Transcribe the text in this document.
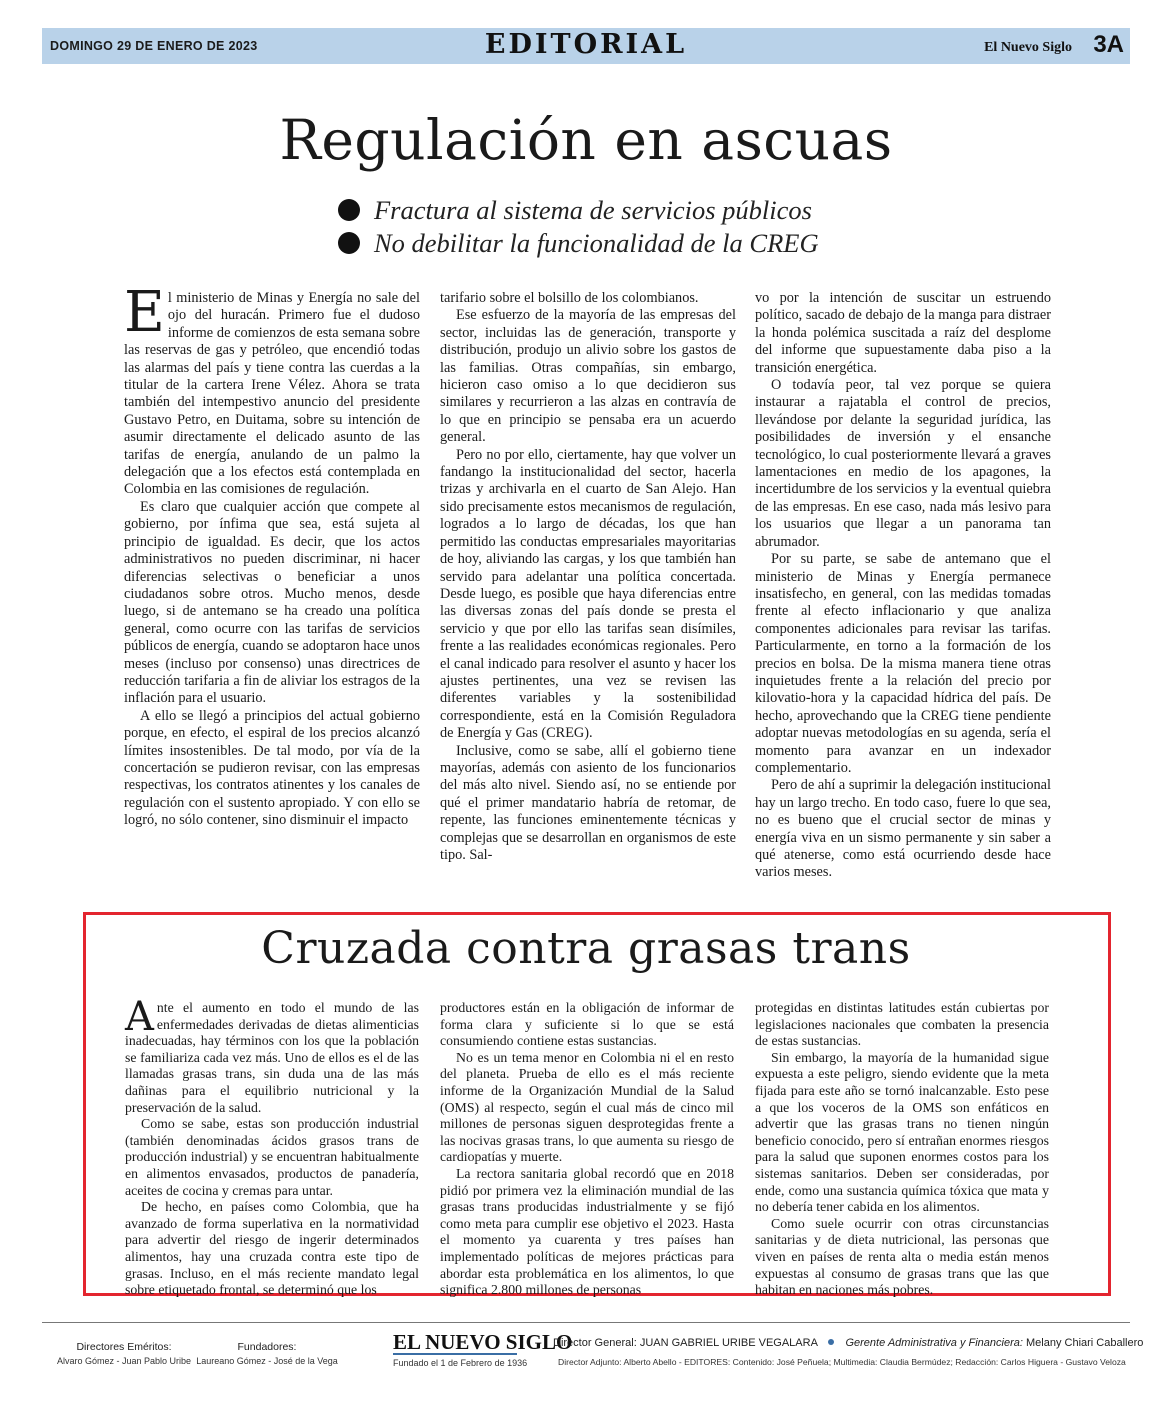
DOMINGO 29 DE ENERO DE 2023	EDITORIAL	El Nuevo Siglo 3A
Regulación en ascuas
Fractura al sistema de servicios públicos
No debilitar la funcionalidad de la CREG

El ministerio de Minas y Energía no sale del ojo del huracán. Primero fue el dudoso informe de comienzos de esta semana sobre las reservas de gas y petróleo, que encendió todas las alarmas del país y tiene contra las cuerdas a la titular de la cartera Irene Vélez. Ahora se trata también del intempestivo anuncio del presidente Gustavo Petro, en Duitama, sobre su intención de asumir directamente el delicado asunto de las tarifas de energía, anulando de un palmo la delegación que a los efectos está contemplada en Colombia en las comisiones de regulación.

Es claro que cualquier acción que compete al gobierno, por ínfima que sea, está sujeta al principio de igualdad. Es decir, que los actos administrativos no pueden discriminar, ni hacer diferencias selectivas o beneficiar a unos ciudadanos sobre otros. Mucho menos, desde luego, si de antemano se ha creado una política general, como ocurre con las tarifas de servicios públicos de energía, cuando se adoptaron hace unos meses (incluso por consenso) unas directrices de reducción tarifaria a fin de aliviar los estragos de la inflación para el usuario.

A ello se llegó a principios del actual gobierno porque, en efecto, el espiral de los precios alcanzó límites insostenibles. De tal modo, por vía de la concertación se pudieron revisar, con las empresas respectivas, los contratos atinentes y los canales de regulación con el sustento apropiado. Y con ello se logró, no sólo contener, sino disminuir el impacto

tarifario sobre el bolsillo de los colombianos.

Ese esfuerzo de la mayoría de las empresas del sector, incluidas las de generación, transporte y distribución, produjo un alivio sobre los gastos de las familias. Otras compañías, sin embargo, hicieron caso omiso a lo que decidieron sus similares y recurrieron a las alzas en contravía de lo que en principio se pensaba era un acuerdo general.

Pero no por ello, ciertamente, hay que volver un fandango la institucionalidad del sector, hacerla trizas y archivarla en el cuarto de San Alejo. Han sido precisamente estos mecanismos de regulación, logrados a lo largo de décadas, los que han permitido las conductas empresariales mayoritarias de hoy, aliviando las cargas, y los que también han servido para adelantar una política concertada. Desde luego, es posible que haya diferencias entre las diversas zonas del país donde se presta el servicio y que por ello las tarifas sean disímiles, frente a las realidades económicas regionales. Pero el canal indicado para resolver el asunto y hacer los ajustes pertinentes, una vez se revisen las diferentes variables y la sostenibilidad correspondiente, está en la Comisión Reguladora de Energía y Gas (CREG).

Inclusive, como se sabe, allí el gobierno tiene mayorías, además con asiento de los funcionarios del más alto nivel. Siendo así, no se entiende por qué el primer mandatario habría de retomar, de repente, las funciones eminentemente técnicas y complejas que se desarrollan en organismos de este tipo. Sal-

vo por la intención de suscitar un estruendo político, sacado de debajo de la manga para distraer la honda polémica suscitada a raíz del desplome del informe que supuestamente daba piso a la transición energética.

O todavía peor, tal vez porque se quiera instaurar a rajatabla el control de precios, llevándose por delante la seguridad jurídica, las posibilidades de inversión y el ensanche tecnológico, lo cual posteriormente llevará a graves lamentaciones en medio de los apagones, la incertidumbre de los servicios y la eventual quiebra de las empresas. En ese caso, nada más lesivo para los usuarios que llegar a un panorama tan abrumador.

Por su parte, se sabe de antemano que el ministerio de Minas y Energía permanece insatisfecho, en general, con las medidas tomadas frente al efecto inflacionario y que analiza componentes adicionales para revisar las tarifas. Particularmente, en torno a la formación de los precios en bolsa. De la misma manera tiene otras inquietudes frente a la relación del precio por kilovatio-hora y la capacidad hídrica del país. De hecho, aprovechando que la CREG tiene pendiente adoptar nuevas metodologías en su agenda, sería el momento para avanzar en un indexador complementario.

Pero de ahí a suprimir la delegación institucional hay un largo trecho. En todo caso, fuere lo que sea, no es bueno que el crucial sector de minas y energía viva en un sismo permanente y sin saber a qué atenerse, como está ocurriendo desde hace varios meses.

Cruzada contra grasas trans

Ante el aumento en todo el mundo de las enfermedades derivadas de dietas alimenticias inadecuadas, hay términos con los que la población se familiariza cada vez más. Uno de ellos es el de las llamadas grasas trans, sin duda una de las más dañinas para el equilibrio nutricional y la preservación de la salud.

Como se sabe, estas son producción industrial (también denominadas ácidos grasos trans de producción industrial) y se encuentran habitualmente en alimentos envasados, productos de panadería, aceites de cocina y cremas para untar.

De hecho, en países como Colombia, que ha avanzado de forma superlativa en la normatividad para advertir del riesgo de ingerir determinados alimentos, hay una cruzada contra este tipo de grasas. Incluso, en el más reciente mandato legal sobre etiquetado frontal, se determinó que los

productores están en la obligación de informar de forma clara y suficiente si lo que se está consumiendo contiene estas sustancias.

No es un tema menor en Colombia ni el en resto del planeta. Prueba de ello es el más reciente informe de la Organización Mundial de la Salud (OMS) al respecto, según el cual más de cinco mil millones de personas siguen desprotegidas frente a las nocivas grasas trans, lo que aumenta su riesgo de cardiopatías y muerte.

La rectora sanitaria global recordó que en 2018 pidió por primera vez la eliminación mundial de las grasas trans producidas industrialmente y se fijó como meta para cumplir ese objetivo el 2023. Hasta el momento ya cuarenta y tres países han implementado políticas de mejores prácticas para abordar esta problemática en los alimentos, lo que significa 2.800 millones de personas

protegidas en distintas latitudes están cubiertas por legislaciones nacionales que combaten la presencia de estas sustancias.

Sin embargo, la mayoría de la humanidad sigue expuesta a este peligro, siendo evidente que la meta fijada para este año se tornó inalcanzable. Esto pese a que los voceros de la OMS son enfáticos en advertir que las grasas trans no tienen ningún beneficio conocido, pero sí entrañan enormes riesgos para la salud que suponen enormes costos para los sistemas sanitarios. Deben ser consideradas, por ende, como una sustancia química tóxica que mata y no debería tener cabida en los alimentos.

Como suele ocurrir con otras circunstancias sanitarias y de dieta nutricional, las personas que viven en países de renta alta o media están menos expuestas al consumo de grasas trans que las que habitan en naciones más pobres.

Directores Eméritos:
Alvaro Gómez - Juan Pablo Uribe
Fundadores:
Laureano Gómez - José de la Vega
EL NUEVO SIGLO
Fundado el 1 de Febrero de 1936
Director General: JUAN GABRIEL URIBE VEGALARA	Gerente Administrativa y Financiera: Melany Chiari Caballero
Director Adjunto: Alberto Abello - EDITORES: Contenido: José Peñuela; Multimedia: Claudia Bermúdez; Redacción: Carlos Higuera - Gustavo Veloza
